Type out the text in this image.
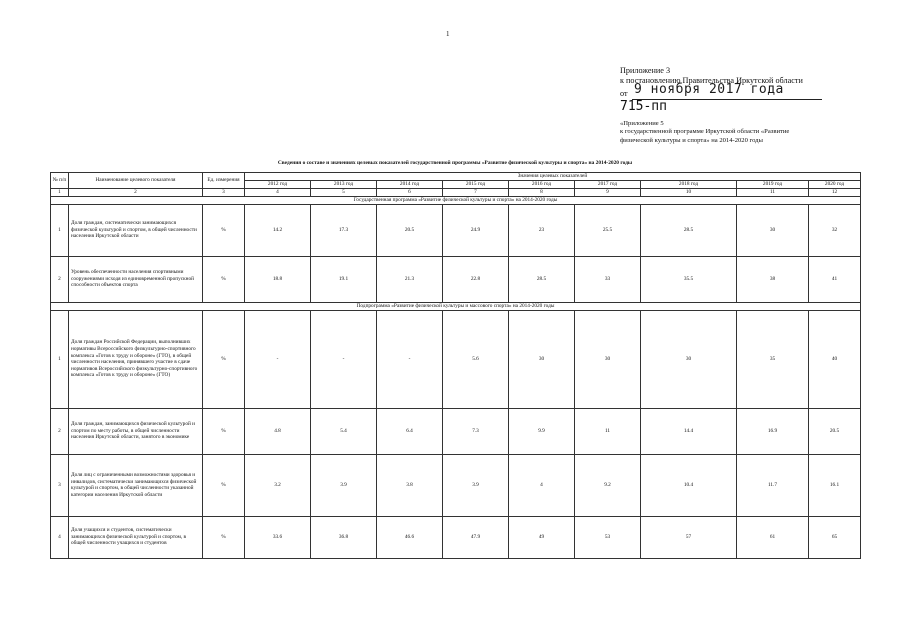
1
Приложение 3
к постановлению Правительства Иркутской области
от 9 ноября 2017 года
715-пп
«Приложение 5
к государственной программе Иркутской области «Развитие
физической культуры и спорта» на 2014-2020 годы
Сведения о составе и значениях целевых показателей государственной программы «Развитие физической культуры и спорта» на 2014-2020 годы
№ п/п	Наименование целевого показателя	Ед. измерения	Значения целевых показателей								
			2012 год	2013 год	2014 год	2015 год	2016 год	2017 год	2018 год	2019 год	2020 год
1	2	3	4	5	6	7	8	9	10	11	12
Государственная программа «Развитие физической культуры и спорта» на 2014-2020 годы											
1	Доля граждан, систематически занимающихся физической культурой и спортом, в общей численности населения Иркутской области	%	14.2	17.3	20.5	24.9	23	25.5	28.5	30	32
2	Уровень обеспеченности населения спортивными сооружениями исходя из единовременной пропускной способности объектов спорта	%	18.8	19.1	21.3	22.8	28.5	33	35.5	38	41
Подпрограмма «Развитие физической культуры и массового спорта» на 2014-2020 годы											
1	Доля граждан Российской Федерации, выполнивших нормативы Всероссийского физкультурно-спортивного комплекса «Готов к труду и обороне» (ГТО), в общей численности населения, принявшего участие в сдаче нормативов Всероссийского физкультурно-спортивного комплекса «Готов к труду и обороне» (ГТО)	%	-	-	-	5.6	30	30	30	35	40
2	Доля граждан, занимающихся физической культурой и спортом по месту работы, в общей численности населения Иркутской области, занятого в экономике	%	4.8	5.4	6.4	7.3	9.9	11	14.4	16.9	20.5
3	Доля лиц с ограниченными возможностями здоровья и инвалидов, систематически занимающихся физической культурой и спортом, в общей численности указанной категории населения Иркутской области	%	3.2	3.9	3.8	3.9	4	9.2	10.4	11.7	16.1
4	Доля учащихся и студентов, систематически занимающихся физической культурой и спортом, в общей численности учащихся и студентов	%	33.6	36.8	46.6	47.9	49	53	57	61	65
